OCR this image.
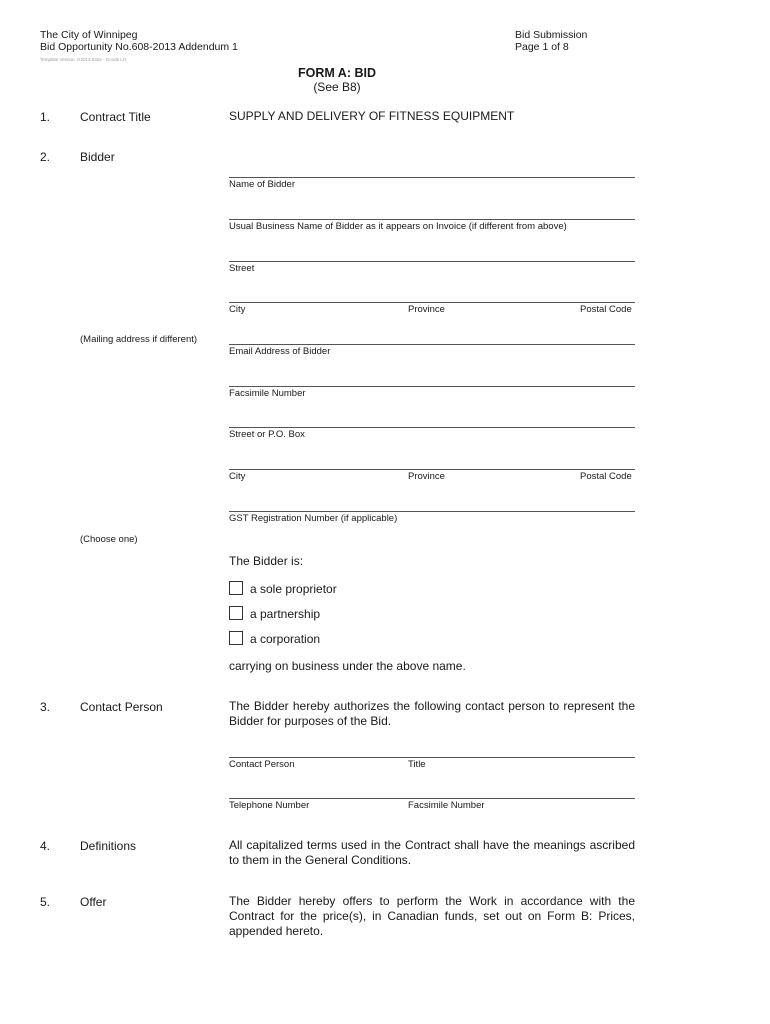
The City of Winnipeg
Bid Opportunity No.608-2013 Addendum 1
Template Version: G2013 0322 - Goods LH
Bid Submission
Page 1 of 8
FORM A: BID
(See B8)
1. Contract Title	SUPPLY AND DELIVERY OF FITNESS EQUIPMENT
2. Bidder
Name of Bidder
Usual Business Name of Bidder as it appears on Invoice (if different from above)
Street
City	Province	Postal Code
(Mailing address if different)
Email Address of Bidder
Facsimile Number
Street or P.O. Box
City	Province	Postal Code
GST Registration Number (if applicable)
(Choose one)
The Bidder is:
a sole proprietor
a partnership
a corporation
carrying on business under the above name.
3. Contact Person	The Bidder hereby authorizes the following contact person to represent the Bidder for purposes of the Bid.
Contact Person	Title
Telephone Number	Facsimile Number
4. Definitions	All capitalized terms used in the Contract shall have the meanings ascribed to them in the General Conditions.
5. Offer	The Bidder hereby offers to perform the Work in accordance with the Contract for the price(s), in Canadian funds, set out on Form B: Prices, appended hereto.
